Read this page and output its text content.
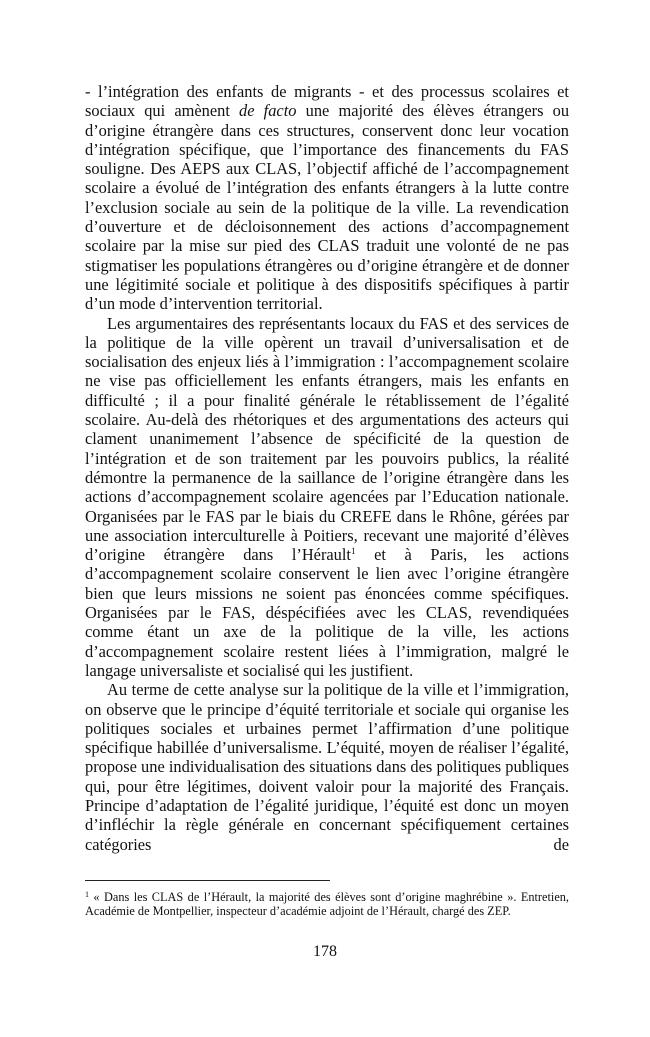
- l’intégration des enfants de migrants - et des processus scolaires et sociaux qui amènent de facto une majorité des élèves étrangers ou d’origine étrangère dans ces structures, conservent donc leur vocation d’intégration spécifique, que l’importance des financements du FAS souligne. Des AEPS aux CLAS, l’objectif affiché de l’accompagnement scolaire a évolué de l’intégration des enfants étrangers à la lutte contre l’exclusion sociale au sein de la politique de la ville. La revendication d’ouverture et de décloisonnement des actions d’accompagnement scolaire par la mise sur pied des CLAS traduit une volonté de ne pas stigmatiser les populations étrangères ou d’origine étrangère et de donner une légitimité sociale et politique à des dispositifs spécifiques à partir d’un mode d’intervention territorial.

Les argumentaires des représentants locaux du FAS et des services de la politique de la ville opèrent un travail d’universalisation et de socialisation des enjeux liés à l’immigration : l’accompagnement scolaire ne vise pas officiellement les enfants étrangers, mais les enfants en difficulté ; il a pour finalité générale le rétablissement de l’égalité scolaire. Au-delà des rhétoriques et des argumentations des acteurs qui clament unanimement l’absence de spécificité de la question de l’intégration et de son traitement par les pouvoirs publics, la réalité démontre la permanence de la saillance de l’origine étrangère dans les actions d’accompagnement scolaire agencées par l’Education nationale. Organisées par le FAS par le biais du CREFE dans le Rhône, gérées par une association interculturelle à Poitiers, recevant une majorité d’élèves d’origine étrangère dans l’Hérault$^1$ et à Paris, les actions d’accompagnement scolaire conservent le lien avec l’origine étrangère bien que leurs missions ne soient pas énoncées comme spécifiques. Organisées par le FAS, déspécifiées avec les CLAS, revendiquées comme étant un axe de la politique de la ville, les actions d’accompagnement scolaire restent liées à l’immigration, malgré le langage universaliste et socialisé qui les justifient.

Au terme de cette analyse sur la politique de la ville et l’immigration, on observe que le principe d’équité territoriale et sociale qui organise les politiques sociales et urbaines permet l’affirmation d’une politique spécifique habillée d’universalisme. L’équité, moyen de réaliser l’égalité, propose une individualisation des situations dans des politiques publiques qui, pour être légitimes, doivent valoir pour la majorité des Français. Principe d’adaptation de l’égalité juridique, l’équité est donc un moyen d’infléchir la règle générale en concernant spécifiquement certaines catégories de

$^1$ « Dans les CLAS de l’Hérault, la majorité des élèves sont d’origine maghrébine ». Entretien, Académie de Montpellier, inspecteur d’académie adjoint de l’Hérault, chargé des ZEP.
178
